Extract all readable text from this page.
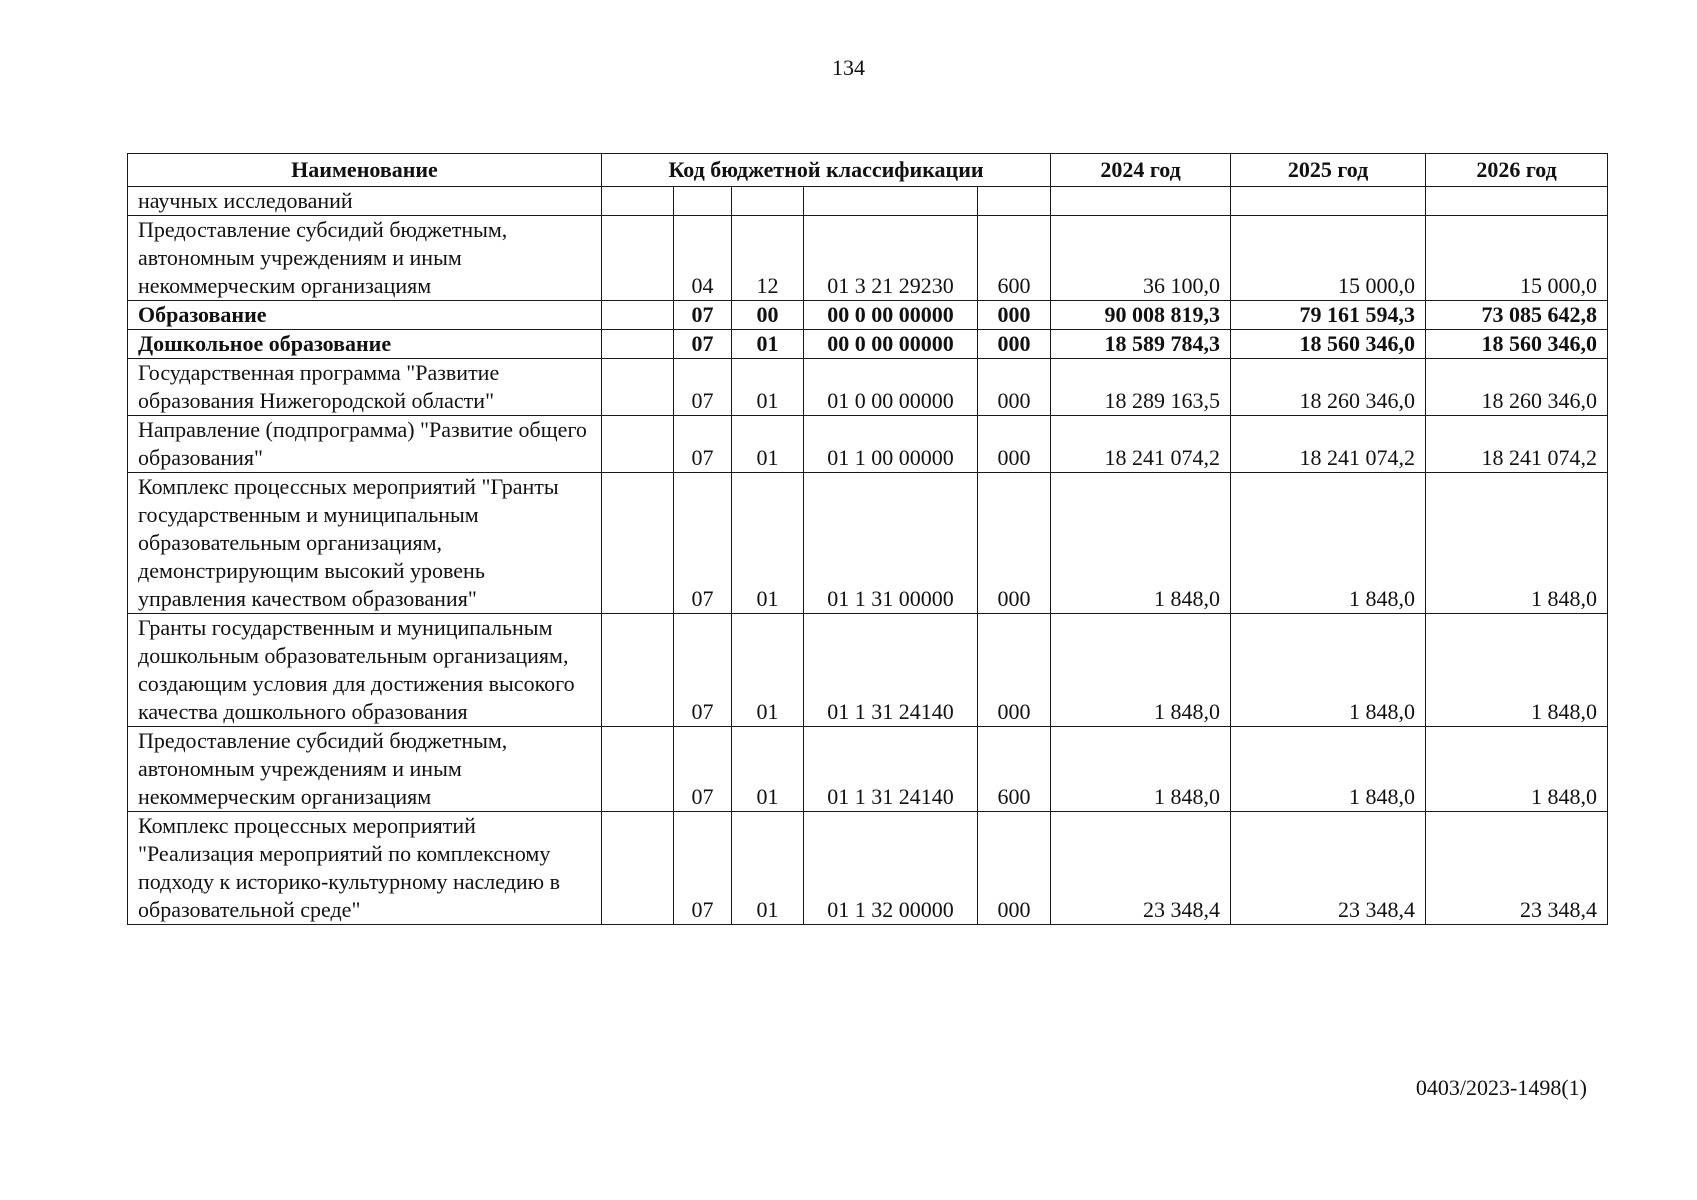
134
Наименование	Код бюджетной классификации					2024 год	2025 год	2026 год
научных исследований								
Предоставление субсидий бюджетным, автономным учреждениям и иным некоммерческим организациям		04	12	01 3 21 29230	600	36 100,0	15 000,0	15 000,0
Образование		07	00	00 0 00 00000	000	90 008 819,3	79 161 594,3	73 085 642,8
Дошкольное образование		07	01	00 0 00 00000	000	18 589 784,3	18 560 346,0	18 560 346,0
Государственная программа "Развитие образования Нижегородской области"		07	01	01 0 00 00000	000	18 289 163,5	18 260 346,0	18 260 346,0
Направление (подпрограмма) "Развитие общего образования"		07	01	01 1 00 00000	000	18 241 074,2	18 241 074,2	18 241 074,2
Комплекс процессных мероприятий "Гранты государственным и муниципальным образовательным организациям, демонстрирующим высокий уровень управления качеством образования"		07	01	01 1 31 00000	000	1 848,0	1 848,0	1 848,0
Гранты государственным и муниципальным дошкольным образовательным организациям, создающим условия для достижения высокого качества дошкольного образования		07	01	01 1 31 24140	000	1 848,0	1 848,0	1 848,0
Предоставление субсидий бюджетным, автономным учреждениям и иным некоммерческим организациям		07	01	01 1 31 24140	600	1 848,0	1 848,0	1 848,0
Комплекс процессных мероприятий "Реализация мероприятий по комплексному подходу к историко-культурному наследию в образовательной среде"		07	01	01 1 32 00000	000	23 348,4	23 348,4	23 348,4
0403/2023-1498(1)
